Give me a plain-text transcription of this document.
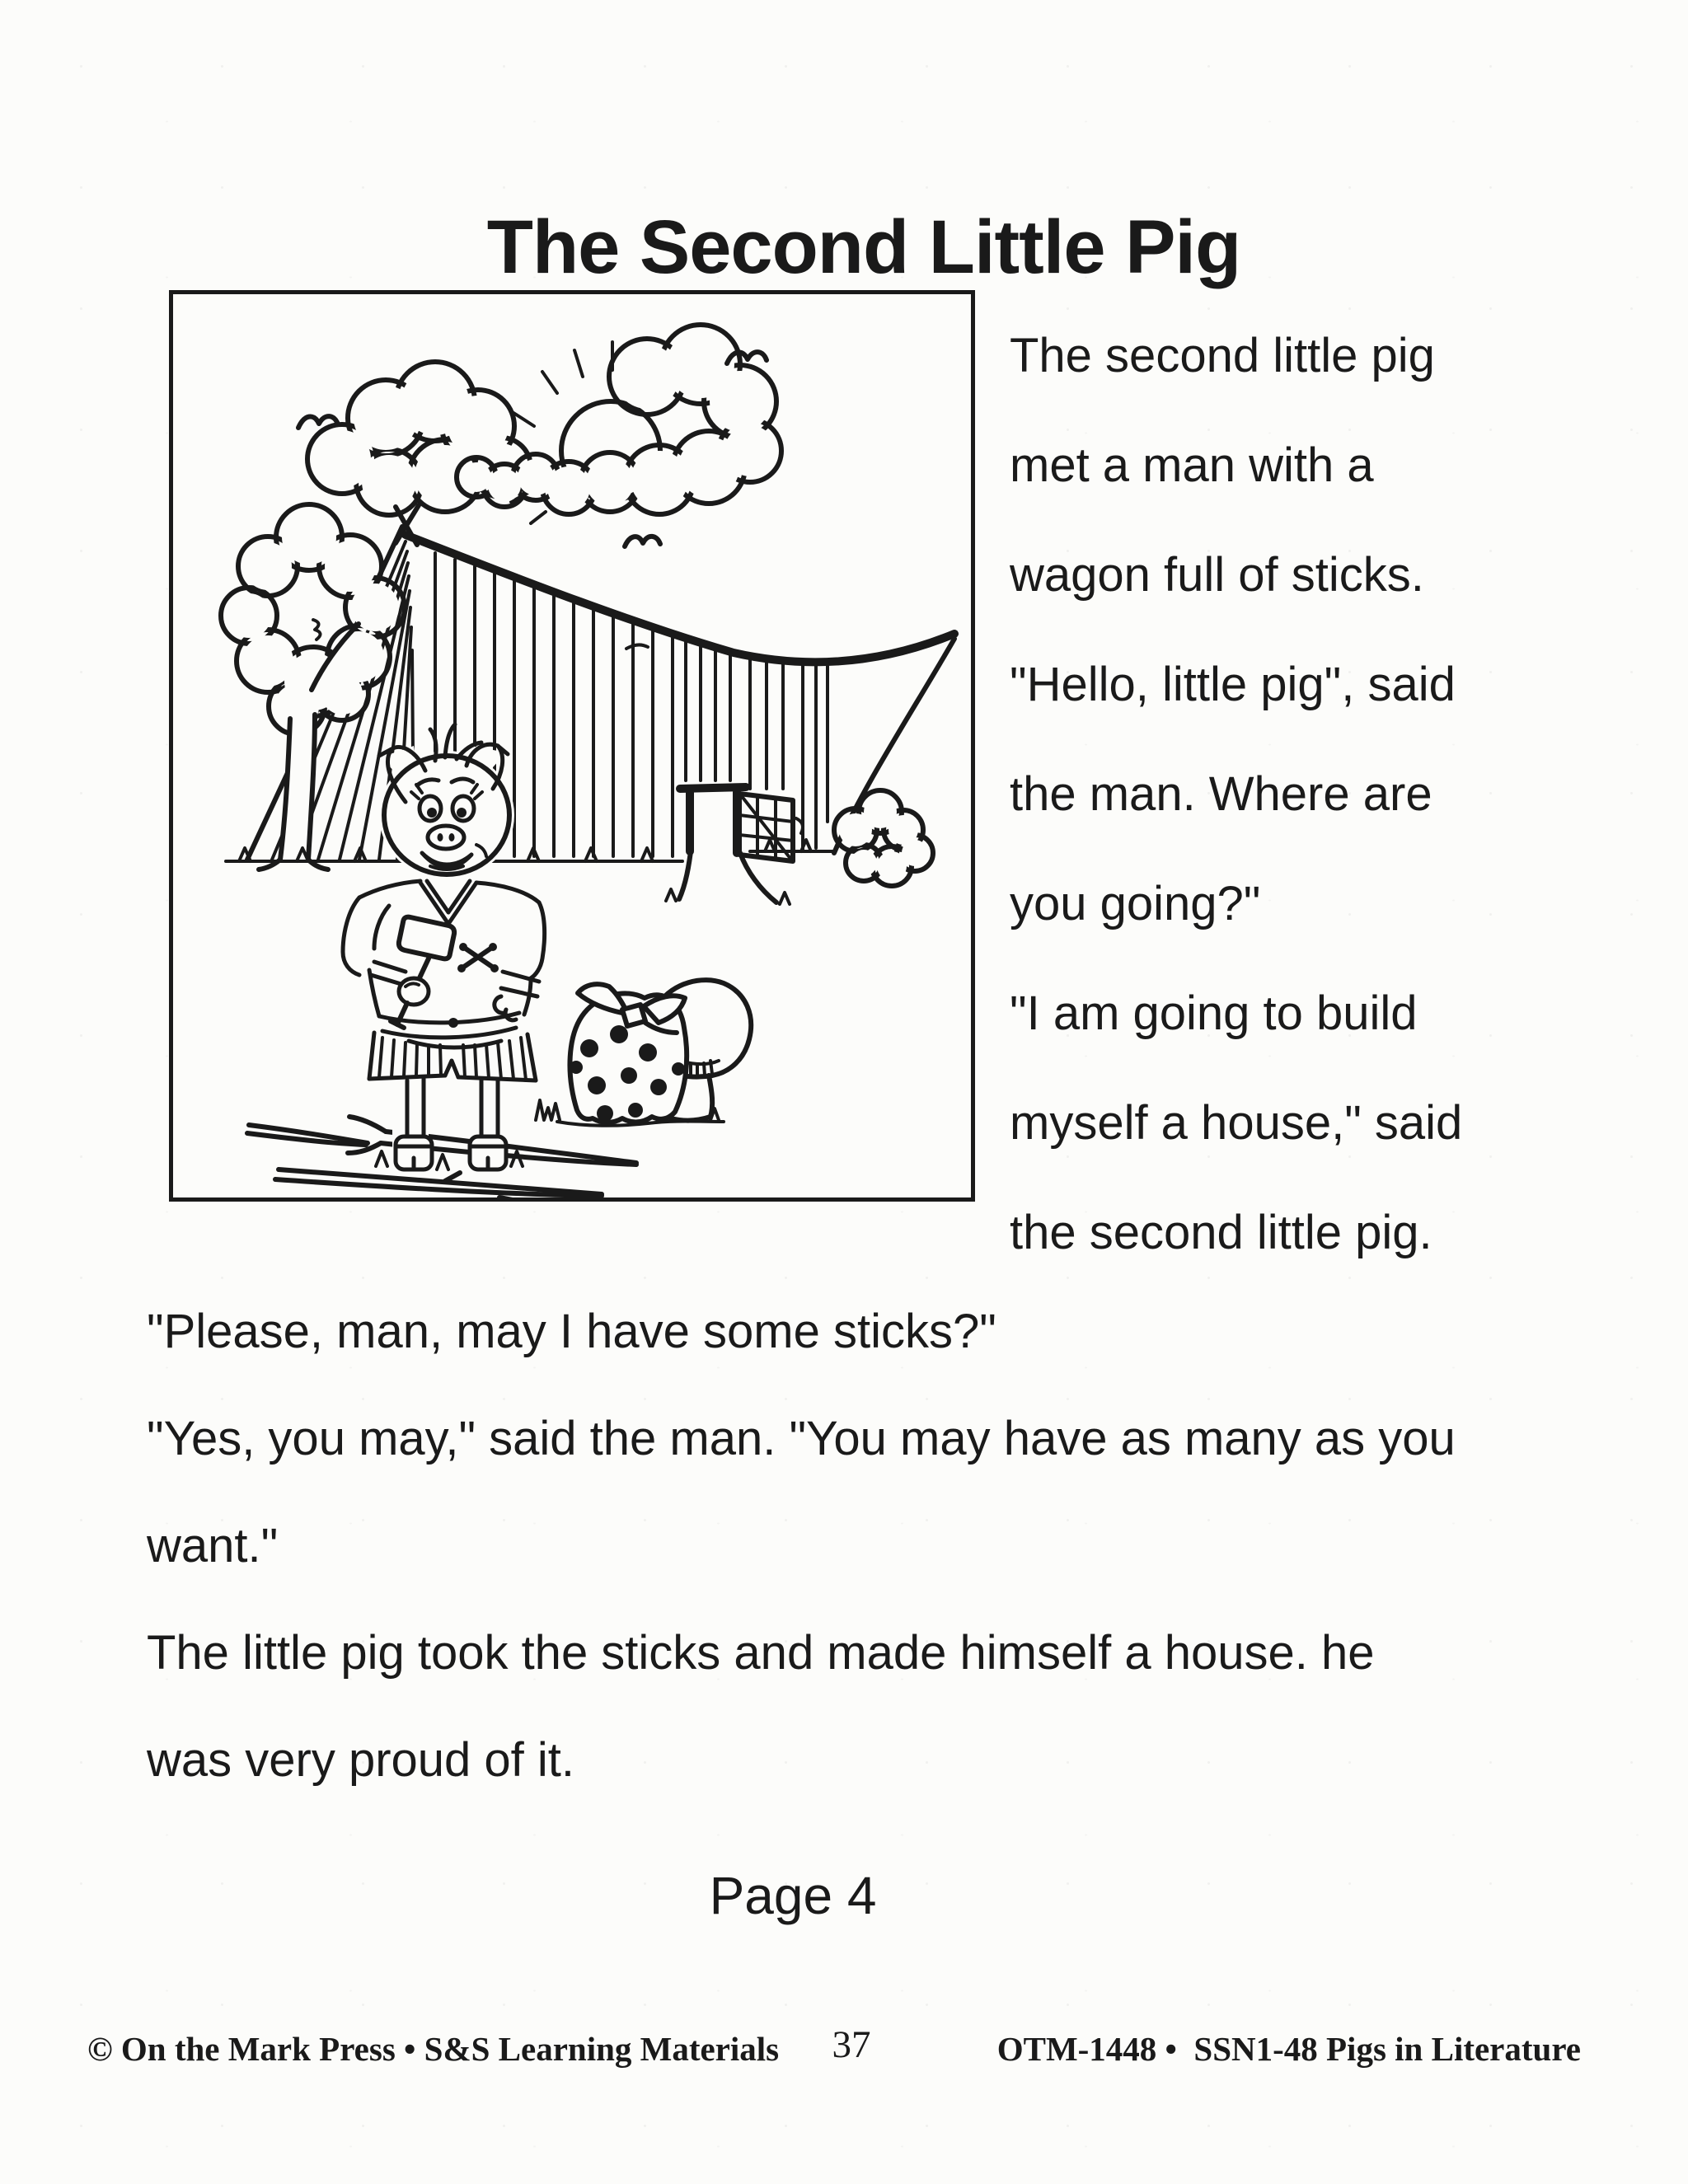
The Second Little Pig
The second little pig
met a man with a
wagon full of sticks.
"Hello, little pig", said
the man. Where are
you going?"
"I am going to build
myself a house," said
the second little pig.
"Please, man, may I have some sticks?"
"Yes, you may," said the man. "You may have as many as you
want."
The little pig took the sticks and made himself a house. he
was very proud of it.
Page 4
© On the Mark Press • S&S Learning Materials	37	OTM-1448 •  SSN1-48 Pigs in Literature
